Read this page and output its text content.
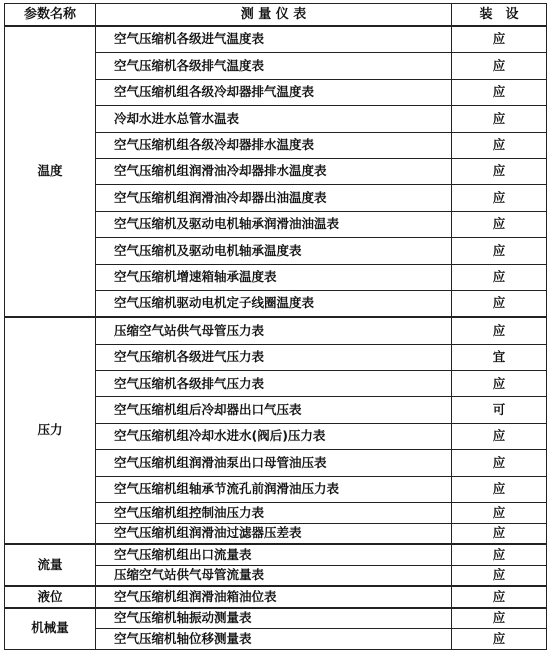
参数名称	测 量 仪 表	装　设
温度	空气压缩机各级进气温度表	应
	空气压缩机各级排气温度表	应
	空气压缩机组各级冷却器排气温度表	应
	冷却水进水总管水温表	应
	空气压缩机组各级冷却器排水温度表	应
	空气压缩机组润滑油冷却器排水温度表	应
	空气压缩机组润滑油冷却器出油温度表	应
	空气压缩机及驱动电机轴承润滑油油温表	应
	空气压缩机及驱动电机轴承温度表	应
	空气压缩机增速箱轴承温度表	应
	空气压缩机驱动电机定子线圈温度表	应
压力	压缩空气站供气母管压力表	应
	空气压缩机各级进气压力表	宜
	空气压缩机各级排气压力表	应
	空气压缩机组后冷却器出口气压表	可
	空气压缩机组冷却水进水(阀后)压力表	应
	空气压缩机组润滑油泵出口母管油压表	应
	空气压缩机组轴承节流孔前润滑油压力表	应
	空气压缩机组控制油压力表	应
	空气压缩机组润滑油过滤器压差表	应
流量	空气压缩机组出口流量表	应
	压缩空气站供气母管流量表	应
液位	空气压缩机组润滑油箱油位表	应
机械量	空气压缩机轴振动测量表	应
	空气压缩机轴位移测量表	应
